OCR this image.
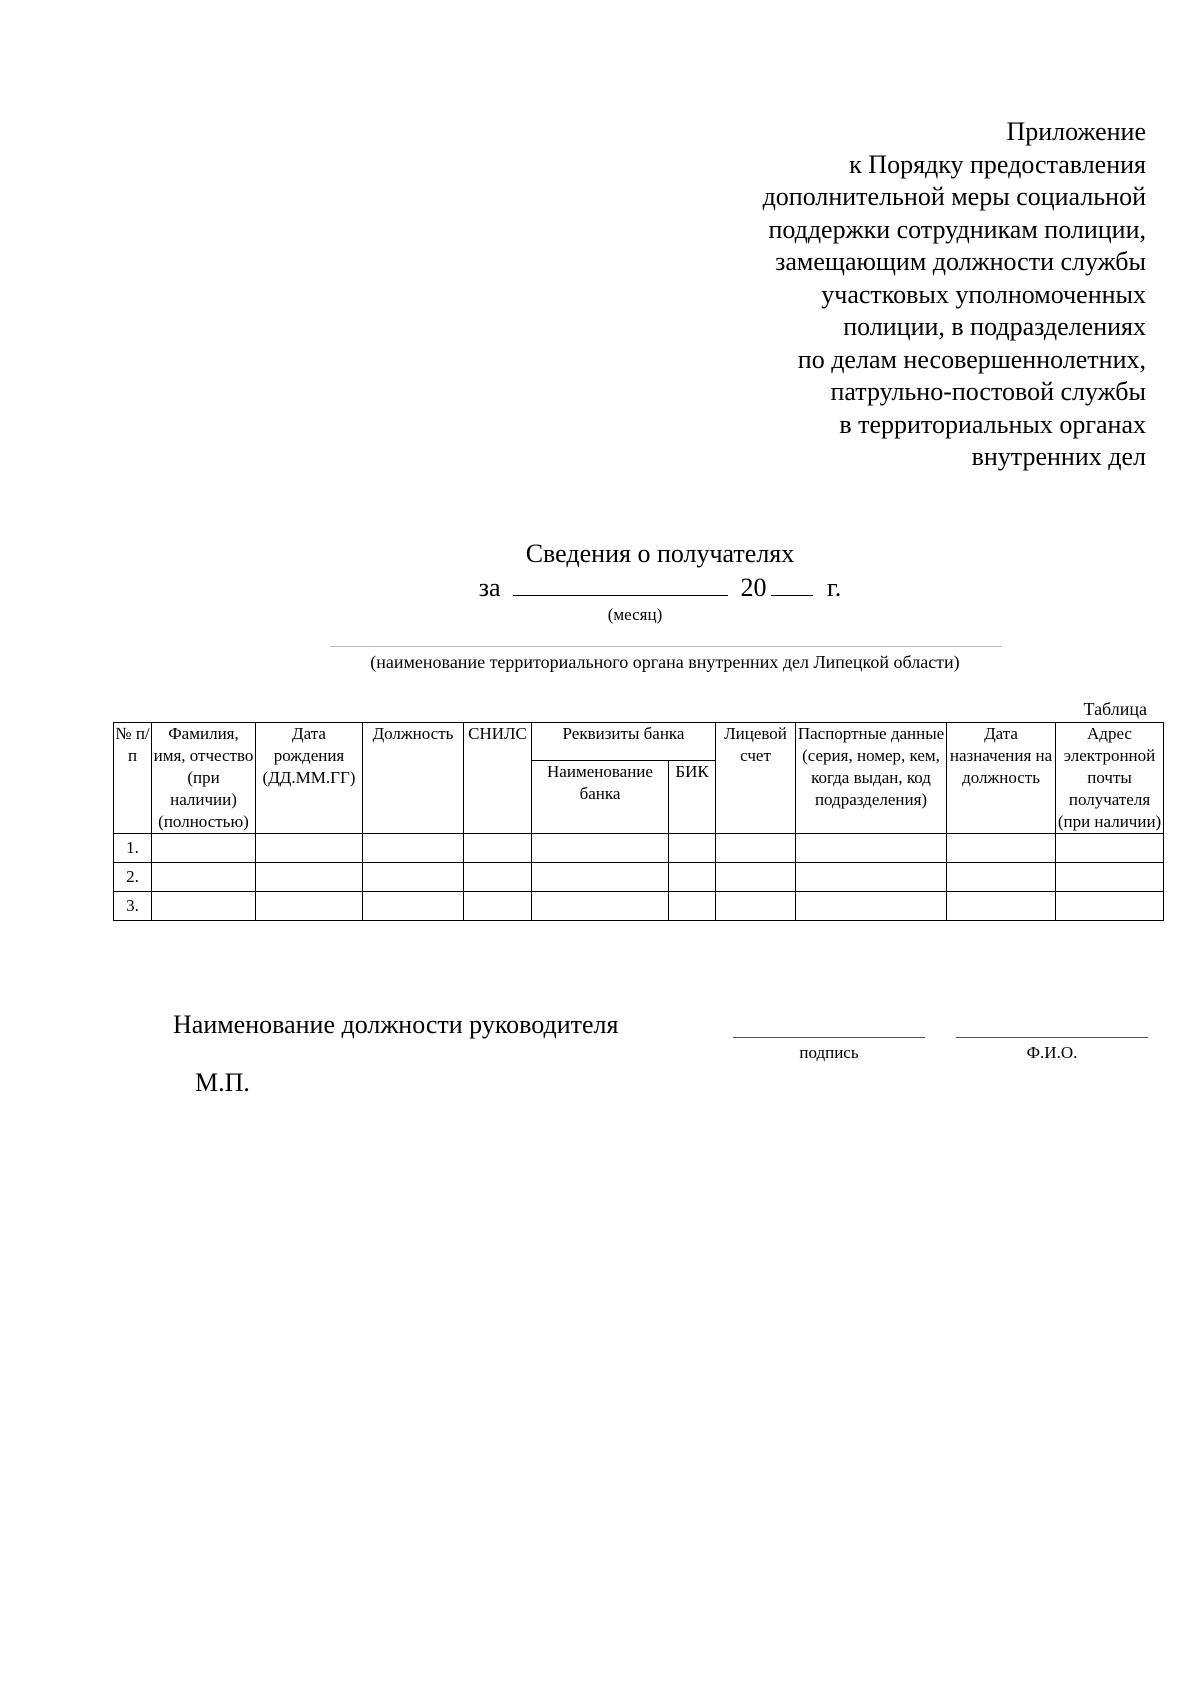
Приложение
к Порядку предоставления
дополнительной меры социальной
поддержки сотрудникам полиции,
замещающим должности службы
участковых уполномоченных
полиции, в подразделениях
по делам несовершеннолетних,
патрульно-постовой службы
в территориальных органах
внутренних дел
Сведения о получателях
за	20 г.
(месяц)
(наименование территориального органа внутренних дел Липецкой области)
Таблица
№ п/п	Фамилия, имя, отчество (при наличии) (полностью)	Дата рождения (ДД.ММ.ГГ)	Должность	СНИЛС	Реквизиты банка		Лицевой счет	Паспортные данные (серия, номер, кем, когда выдан, код подразделения)	Дата назначения на должность	Адрес электронной почты получателя (при наличии)
					Наименование банка	БИК				
1.										
2.										
3.										
Наименование должности руководителя
подпись	Ф.И.О.
М.П.
